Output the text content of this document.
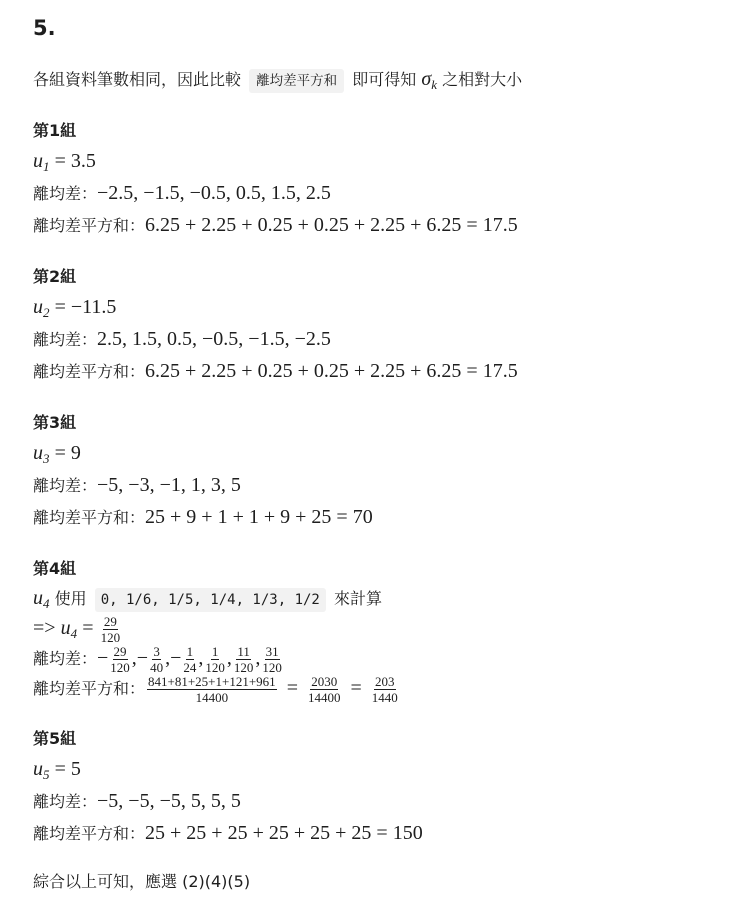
5.
各組資料筆數相同，因此比較 離均差平方和 即可得知 $\sigma_k$ 之相對大小
第1組
$u_1 = 3.5$
離均差：−2.5, −1.5, −0.5, 0.5, 1.5, 2.5
離均差平方和：6.25 + 2.25 + 0.25 + 0.25 + 2.25 + 6.25 = 17.5
第2組
$u_2 = -11.5$
離均差：2.5, 1.5, 0.5, −0.5, −1.5, −2.5
離均差平方和：6.25 + 2.25 + 0.25 + 0.25 + 2.25 + 6.25 = 17.5
第3組
$u_3 = 9$
離均差：−5, −3, −1, 1, 3, 5
離均差平方和：25 + 9 + 1 + 1 + 9 + 25 = 70
第4組
$u_4$ 使用 0, 1/6, 1/5, 1/4, 1/3, 1/2 來計算
=> $u_4 = \frac{29}{120}$
離均差：− $\frac{29}{120}$ ,− $\frac{3}{40}$ ,− $\frac{1}{24}$ , $\frac{1}{120}$ , $\frac{11}{120}$ , $\frac{31}{120}$
離均差平方和： $\frac{841+81+25+1+121+961}{14400} = \frac{2030}{14400} = \frac{203}{1440}$
第5組
$u_5 = 5$
離均差：−5, −5, −5, 5, 5, 5
離均差平方和：25 + 25 + 25 + 25 + 25 + 25 = 150
綜合以上可知，應選 (2)(4)(5)
